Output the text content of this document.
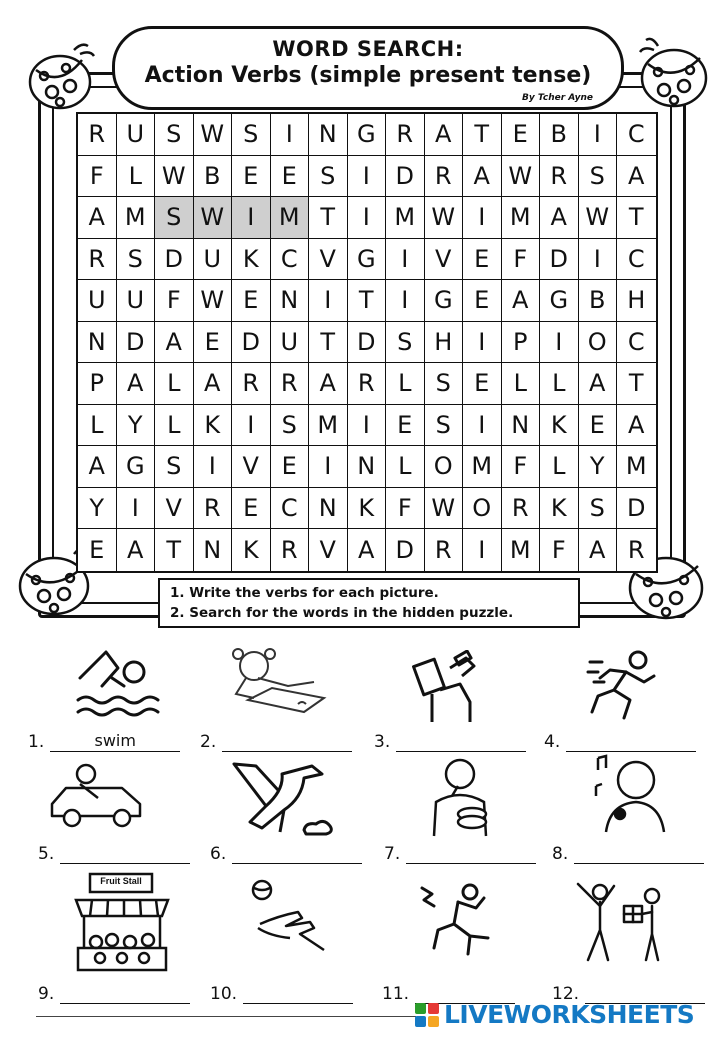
WORD SEARCH:
Action Verbs (simple present tense)
By Tcher Ayne
R U S W S	I	N G R A T E B	I	C
F	L W B E E S	I	D R A W R S A
A M S W I	M T	I	M W I	M A W T
R S D U K C V G	I	V E	F D	I	C
U U F W E N	I	T	I	G E A G B H
N D A E D U T D S H	I	P	I	O C
P A L A R R A R L	S E	L	L A T
L	Y	L K	I	S M	I	E S	I	N K E A
A G S	I	V E	I	N L O M F	L	Y M
Y	I	V R E C N K F W O R K S D
E A T N K R V A D R	I	M F A R
1. Write the verbs for each picture.
2. Search for the words in the hidden puzzle.
1.	swim	2.	3.	4.
5.	6.	7.	8.
Fruit Stall
9.	10.	11.	12.
LIVEWORKSHEETS
